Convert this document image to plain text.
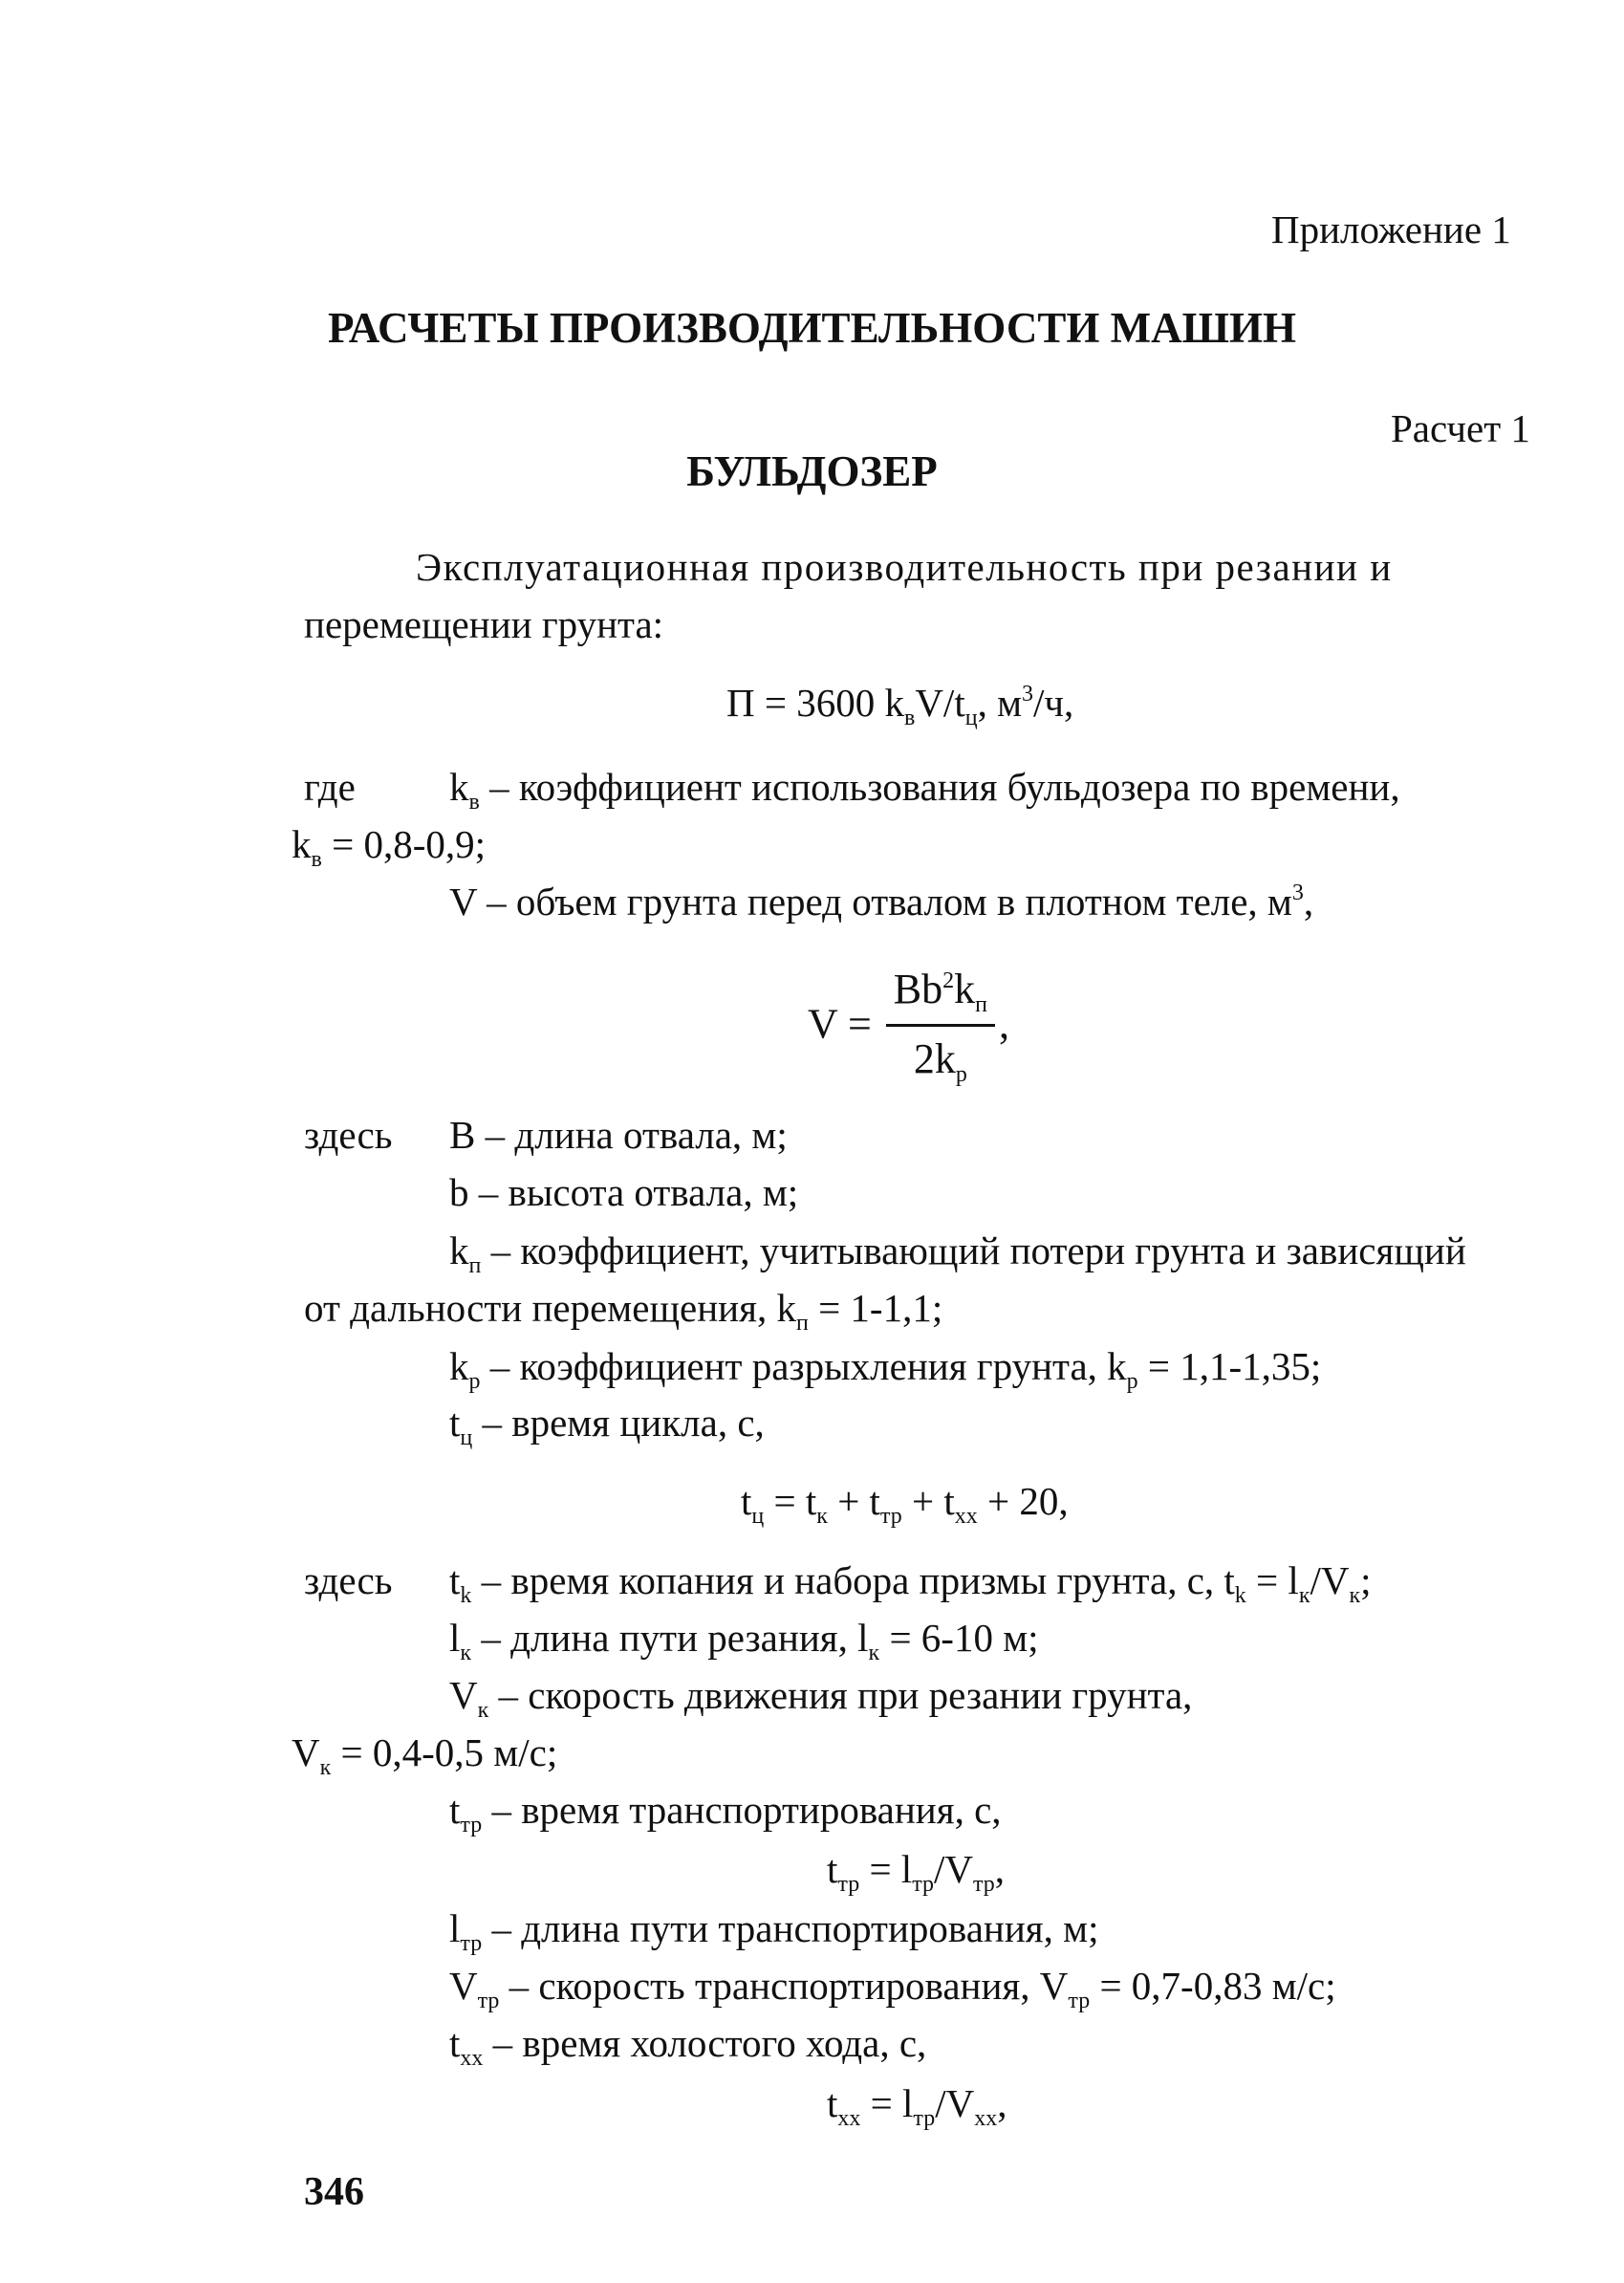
Приложение 1
РАСЧЕТЫ ПРОИЗВОДИТЕЛЬНОСТИ МАШИН
Расчет 1
БУЛЬДОЗЕР
Эксплуатационная производительность при резании и
перемещении грунта:
П = 3600 $k_вV/t_ц$, $м^3/ч$,
где $k_в$ – коэффициент использования бульдозера по времени,
$k_в = 0,8-0,9$;
V – объем грунта перед отвалом в плотном теле, $м^3$,
$V = \frac{Bb^2k_п}{2k_р}$ ,
здесь B – длина отвала, м;
b – высота отвала, м;
$k_п$ – коэффициент, учитывающий потери грунта и зависящий
от дальности перемещения, $k_п = 1-1,1$;
$k_р$ – коэффициент разрыхления грунта, $k_р = 1,1-1,35$;
$t_ц$ – время цикла, с,
$t_ц = t_к + t_{тр} + t_{хх} + 20$,
здесь $t_k$ – время копания и набора призмы грунта, с, $t_k = l_к/V_к$;
$l_к$ – длина пути резания, $l_к = 6-10$ м;
$V_к$ – скорость движения при резании грунта,
$V_к = 0,4-0,5$ м/с;
$t_{тр}$ – время транспортирования, с,
$t_{тр} = l_{тр}/V_{тр}$,
$l_{тр}$ – длина пути транспортирования, м;
$V_{тр}$ – скорость транспортирования, $V_{тр} = 0,7-0,83$ м/с;
$t_{хх}$ – время холостого хода, с,
$t_{хх} = l_{тр}/V_{хх}$,
346
